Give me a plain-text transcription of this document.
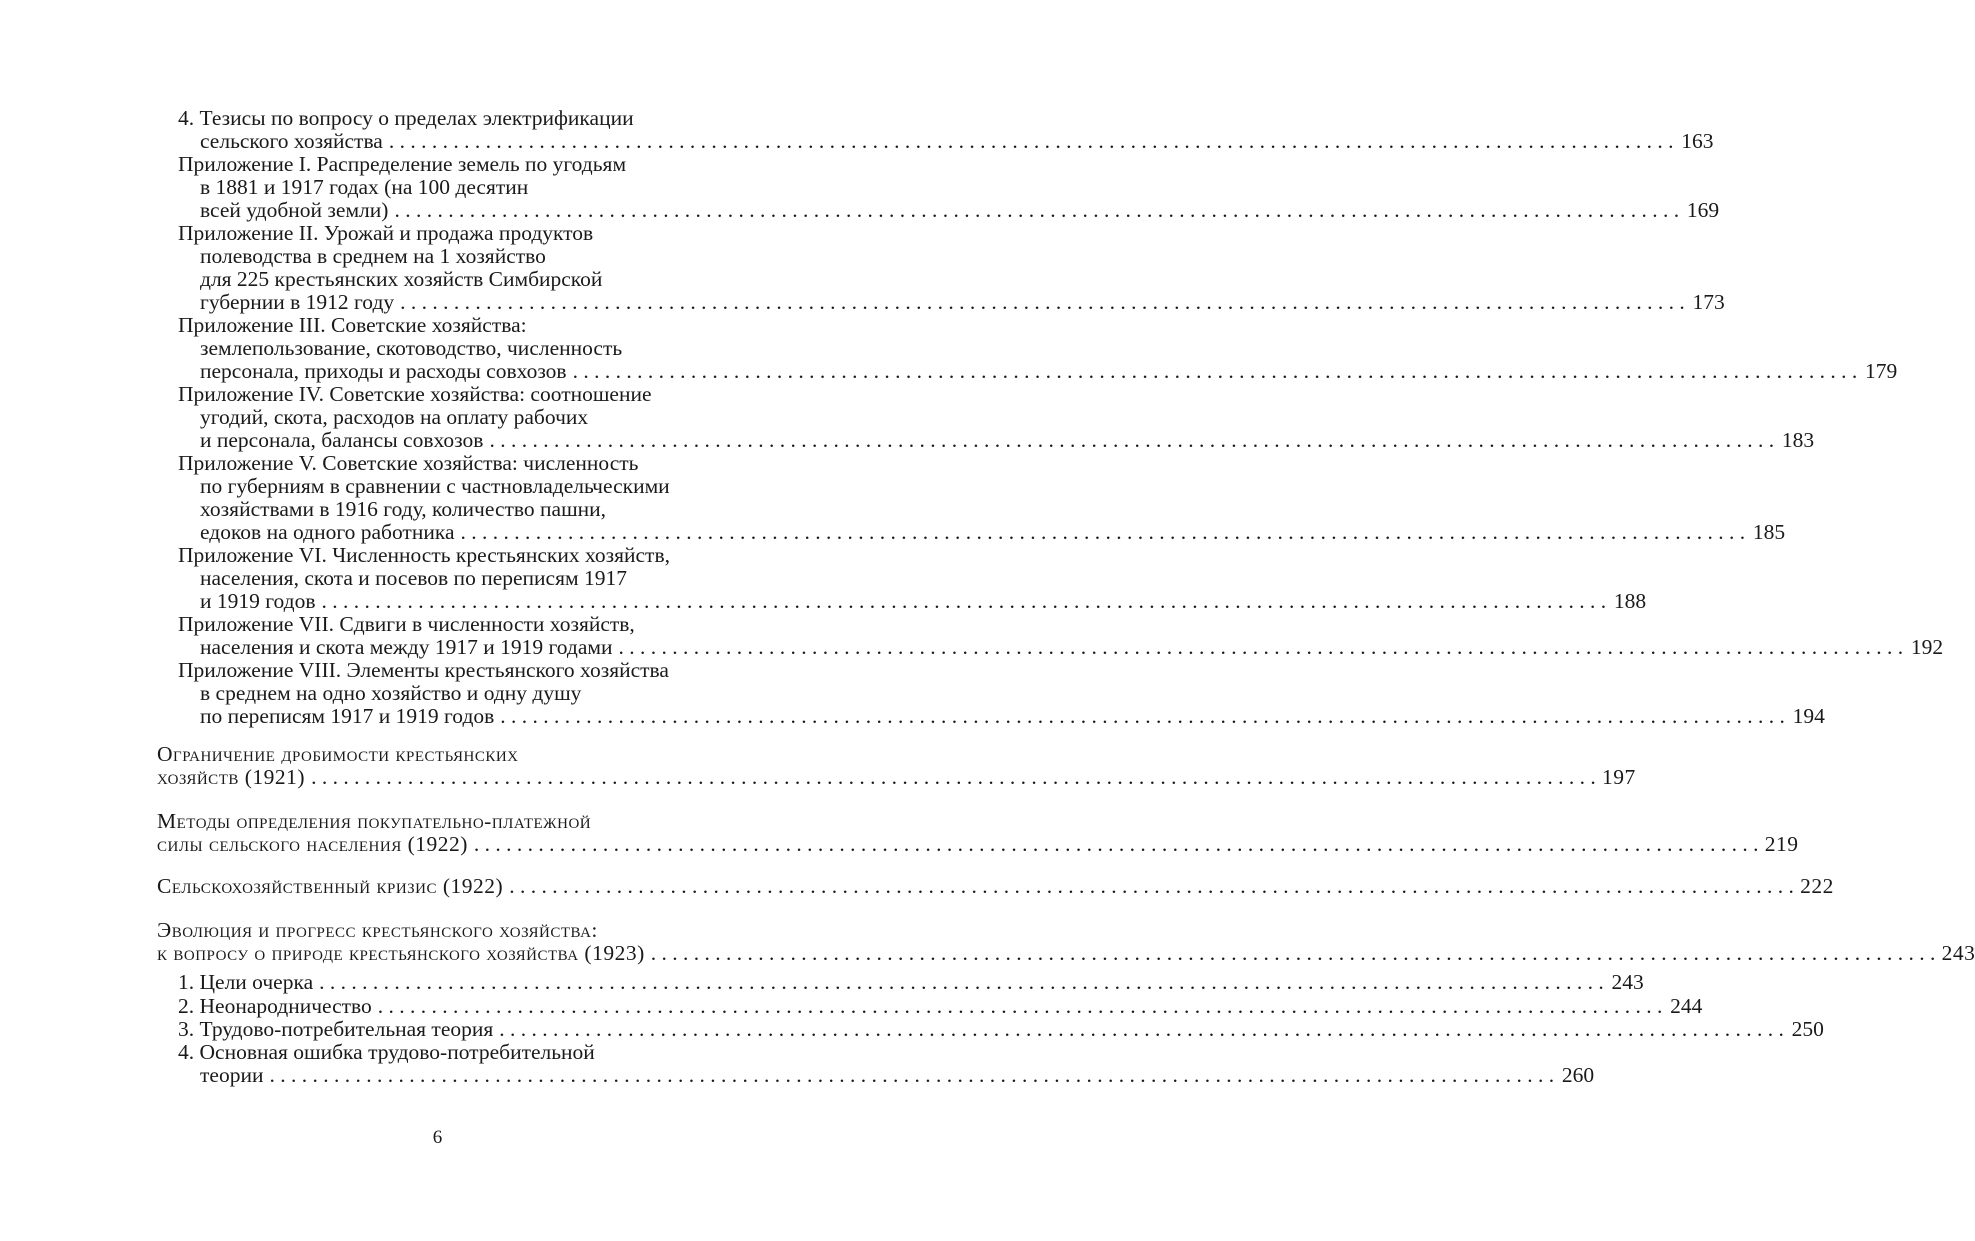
4. Тезисы по вопросу о пределах электрификации
сельского хозяйства . . . . . . . . . . . . . . . . . . . . . . . . . . . . . . . . . . . . . . . . . . . . . . . . . . . . . . . . . . . . . . . . . . . . . . . . . . . . . . . . . . . . . . . . . . . . . . . . . . . . . . . . . . . . . . . . . . . . . . . . 163
Приложение I. Распределение земель по угодьям
в 1881 и 1917 годах (на 100 десятин
всей удобной земли) . . . . . . . . . . . . . . . . . . . . . . . . . . . . . . . . . . . . . . . . . . . . . . . . . . . . . . . . . . . . . . . . . . . . . . . . . . . . . . . . . . . . . . . . . . . . . . . . . . . . . . . . . . . . . . . . . . . . . . . . 169
Приложение II. Урожай и продажа продуктов
полеводства в среднем на 1 хозяйство
для 225 крестьянских хозяйств Симбирской
губернии в 1912 году . . . . . . . . . . . . . . . . . . . . . . . . . . . . . . . . . . . . . . . . . . . . . . . . . . . . . . . . . . . . . . . . . . . . . . . . . . . . . . . . . . . . . . . . . . . . . . . . . . . . . . . . . . . . . . . . . . . . . . . . 173
Приложение III. Советские хозяйства:
землепользование, скотоводство, численность
персонала, приходы и расходы совхозов . . . . . . . . . . . . . . . . . . . . . . . . . . . . . . . . . . . . . . . . . . . . . . . . . . . . . . . . . . . . . . . . . . . . . . . . . . . . . . . . . . . . . . . . . . . . . . . . . . . . . . . . . . . . . . . . . . . . . . . . 179
Приложение IV. Советские хозяйства: соотношение
угодий, скота, расходов на оплату рабочих
и персонала, балансы совхозов . . . . . . . . . . . . . . . . . . . . . . . . . . . . . . . . . . . . . . . . . . . . . . . . . . . . . . . . . . . . . . . . . . . . . . . . . . . . . . . . . . . . . . . . . . . . . . . . . . . . . . . . . . . . . . . . . . . . . . . . 183
Приложение V. Советские хозяйства: численность
по губерниям в сравнении с частновладельческими
хозяйствами в 1916 году, количество пашни,
едоков на одного работника . . . . . . . . . . . . . . . . . . . . . . . . . . . . . . . . . . . . . . . . . . . . . . . . . . . . . . . . . . . . . . . . . . . . . . . . . . . . . . . . . . . . . . . . . . . . . . . . . . . . . . . . . . . . . . . . . . . . . . . . 185
Приложение VI. Численность крестьянских хозяйств,
населения, скота и посевов по переписям 1917
и 1919 годов . . . . . . . . . . . . . . . . . . . . . . . . . . . . . . . . . . . . . . . . . . . . . . . . . . . . . . . . . . . . . . . . . . . . . . . . . . . . . . . . . . . . . . . . . . . . . . . . . . . . . . . . . . . . . . . . . . . . . . . . 188
Приложение VII. Сдвиги в численности хозяйств,
населения и скота между 1917 и 1919 годами . . . . . . . . . . . . . . . . . . . . . . . . . . . . . . . . . . . . . . . . . . . . . . . . . . . . . . . . . . . . . . . . . . . . . . . . . . . . . . . . . . . . . . . . . . . . . . . . . . . . . . . . . . . . . . . . . . . . . . . . 192
Приложение VIII. Элементы крестьянского хозяйства
в среднем на одно хозяйство и одну душу
по переписям 1917 и 1919 годов . . . . . . . . . . . . . . . . . . . . . . . . . . . . . . . . . . . . . . . . . . . . . . . . . . . . . . . . . . . . . . . . . . . . . . . . . . . . . . . . . . . . . . . . . . . . . . . . . . . . . . . . . . . . . . . . . . . . . . . . 194
Ограничение дробимости крестьянских
хозяйств (1921) . . . . . . . . . . . . . . . . . . . . . . . . . . . . . . . . . . . . . . . . . . . . . . . . . . . . . . . . . . . . . . . . . . . . . . . . . . . . . . . . . . . . . . . . . . . . . . . . . . . . . . . . . . . . . . . . . . . . . . . . 197
Методы определения покупательно-платежной
силы сельского населения (1922) . . . . . . . . . . . . . . . . . . . . . . . . . . . . . . . . . . . . . . . . . . . . . . . . . . . . . . . . . . . . . . . . . . . . . . . . . . . . . . . . . . . . . . . . . . . . . . . . . . . . . . . . . . . . . . . . . . . . . . . . 219
Сельскохозяйственный кризис (1922) . . . . . . . . . . . . . . . . . . . . . . . . . . . . . . . . . . . . . . . . . . . . . . . . . . . . . . . . . . . . . . . . . . . . . . . . . . . . . . . . . . . . . . . . . . . . . . . . . . . . . . . . . . . . . . . . . . . . . . . . 222
Эволюция и прогресс крестьянского хозяйства:
к вопросу о природе крестьянского хозяйства (1923) . . . . . . . . . . . . . . . . . . . . . . . . . . . . . . . . . . . . . . . . . . . . . . . . . . . . . . . . . . . . . . . . . . . . . . . . . . . . . . . . . . . . . . . . . . . . . . . . . . . . . . . . . . . . . . . . . . . . . . . . 243
1. Цели очерка . . . . . . . . . . . . . . . . . . . . . . . . . . . . . . . . . . . . . . . . . . . . . . . . . . . . . . . . . . . . . . . . . . . . . . . . . . . . . . . . . . . . . . . . . . . . . . . . . . . . . . . . . . . . . . . . . . . . . . . . 243
2. Неонародничество . . . . . . . . . . . . . . . . . . . . . . . . . . . . . . . . . . . . . . . . . . . . . . . . . . . . . . . . . . . . . . . . . . . . . . . . . . . . . . . . . . . . . . . . . . . . . . . . . . . . . . . . . . . . . . . . . . . . . . . . 244
3. Трудово-потребительная теория . . . . . . . . . . . . . . . . . . . . . . . . . . . . . . . . . . . . . . . . . . . . . . . . . . . . . . . . . . . . . . . . . . . . . . . . . . . . . . . . . . . . . . . . . . . . . . . . . . . . . . . . . . . . . . . . . . . . . . . . 250
4. Основная ошибка трудово-потребительной
теории . . . . . . . . . . . . . . . . . . . . . . . . . . . . . . . . . . . . . . . . . . . . . . . . . . . . . . . . . . . . . . . . . . . . . . . . . . . . . . . . . . . . . . . . . . . . . . . . . . . . . . . . . . . . . . . . . . . . . . . . 260
6
